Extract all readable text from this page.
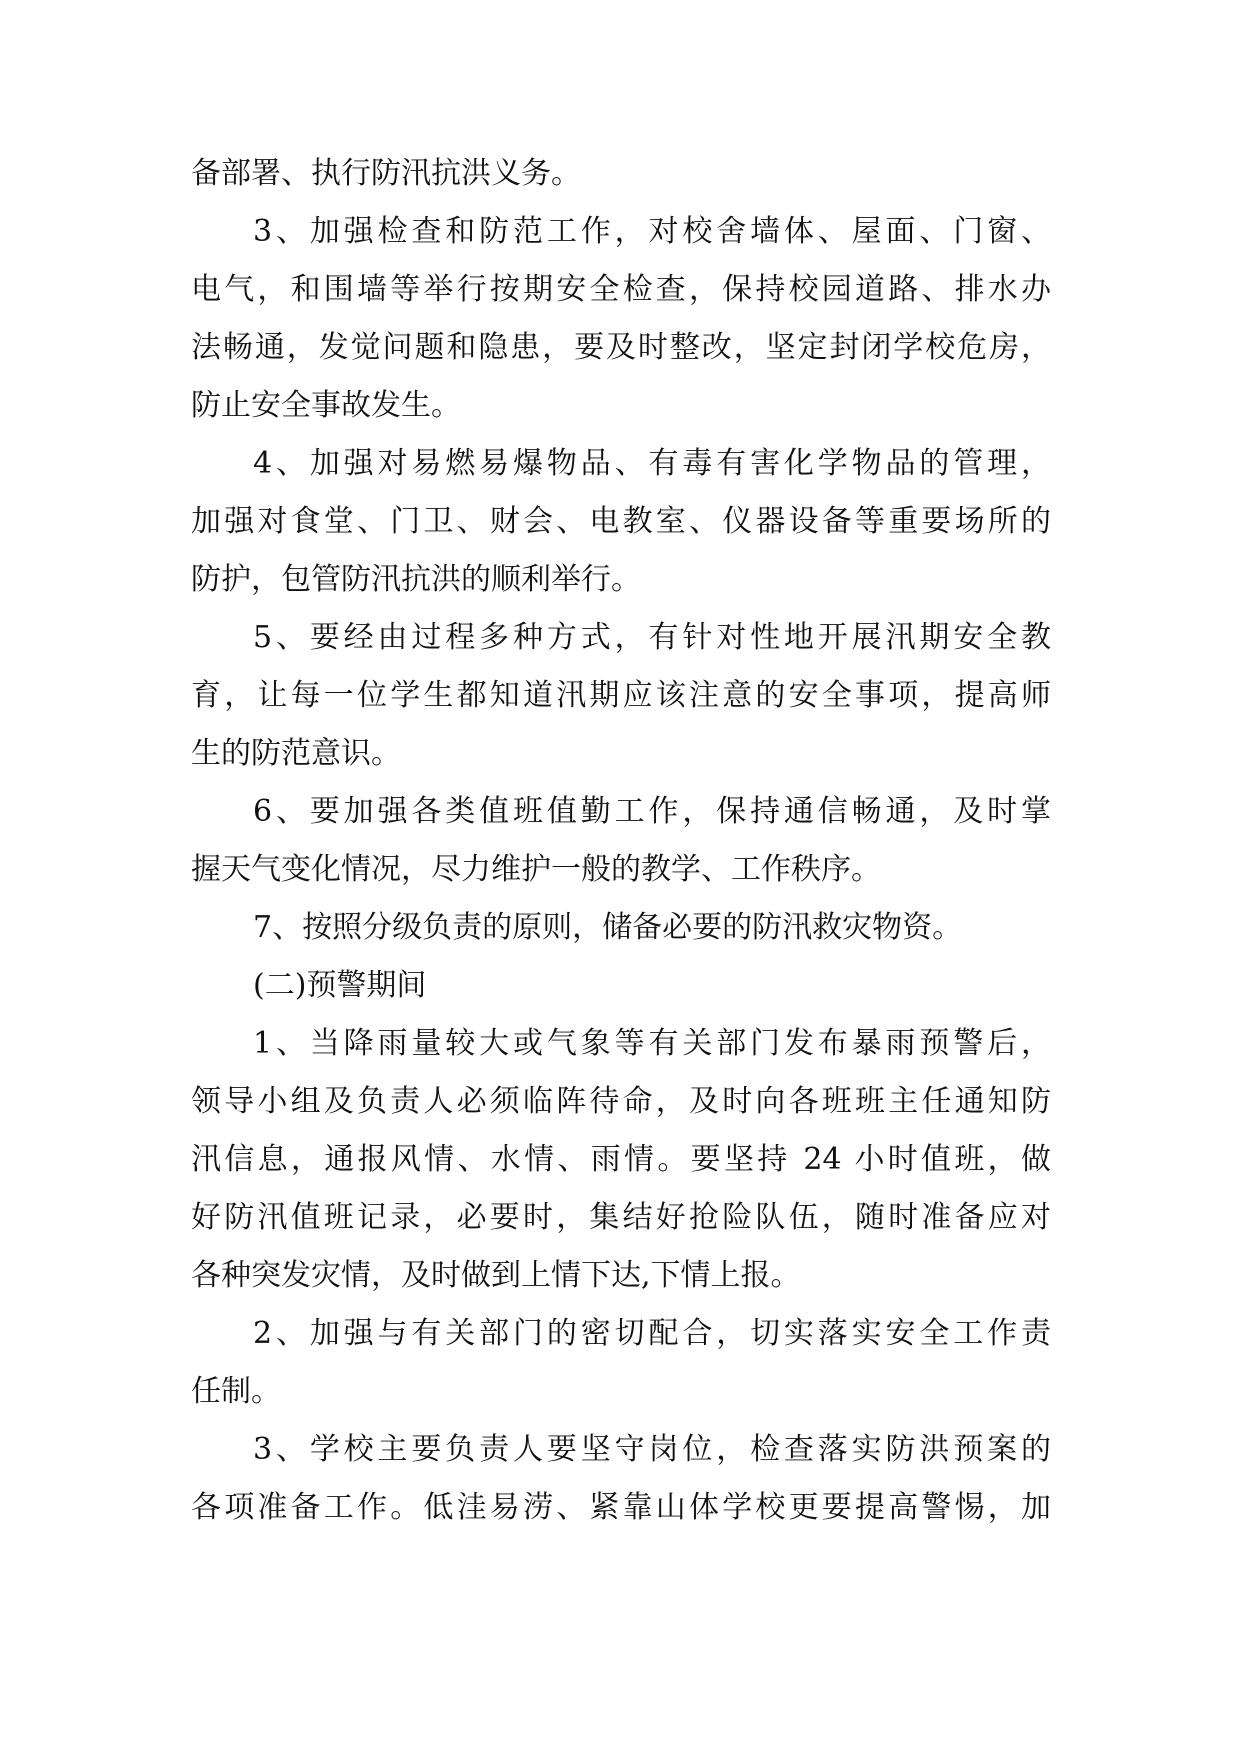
备部署、执行防汛抗洪义务。
3、加强检查和防范工作，对校舍墙体、屋面、门窗、
电气，和围墙等举行按期安全检查，保持校园道路、排水办
法畅通，发觉问题和隐患，要及时整改，坚定封闭学校危房，
防止安全事故发生。
4、加强对易燃易爆物品、有毒有害化学物品的管理，
加强对食堂、门卫、财会、电教室、仪器设备等重要场所的
防护，包管防汛抗洪的顺利举行。
5、要经由过程多种方式，有针对性地开展汛期安全教
育，让每一位学生都知道汛期应该注意的安全事项，提高师
生的防范意识。
6、要加强各类值班值勤工作，保持通信畅通，及时掌
握天气变化情况，尽力维护一般的教学、工作秩序。
7、按照分级负责的原则，储备必要的防汛救灾物资。
(二)预警期间
1、当降雨量较大或气象等有关部门发布暴雨预警后，
领导小组及负责人必须临阵待命，及时向各班班主任通知防
汛信息，通报风情、水情、雨情。要坚持 24 小时值班，做
好防汛值班记录，必要时，集结好抢险队伍，随时准备应对
各种突发灾情，及时做到上情下达,下情上报。
2、加强与有关部门的密切配合，切实落实安全工作责
任制。
3、学校主要负责人要坚守岗位，检查落实防洪预案的
各项准备工作。低洼易涝、紧靠山体学校更要提高警惕，加
